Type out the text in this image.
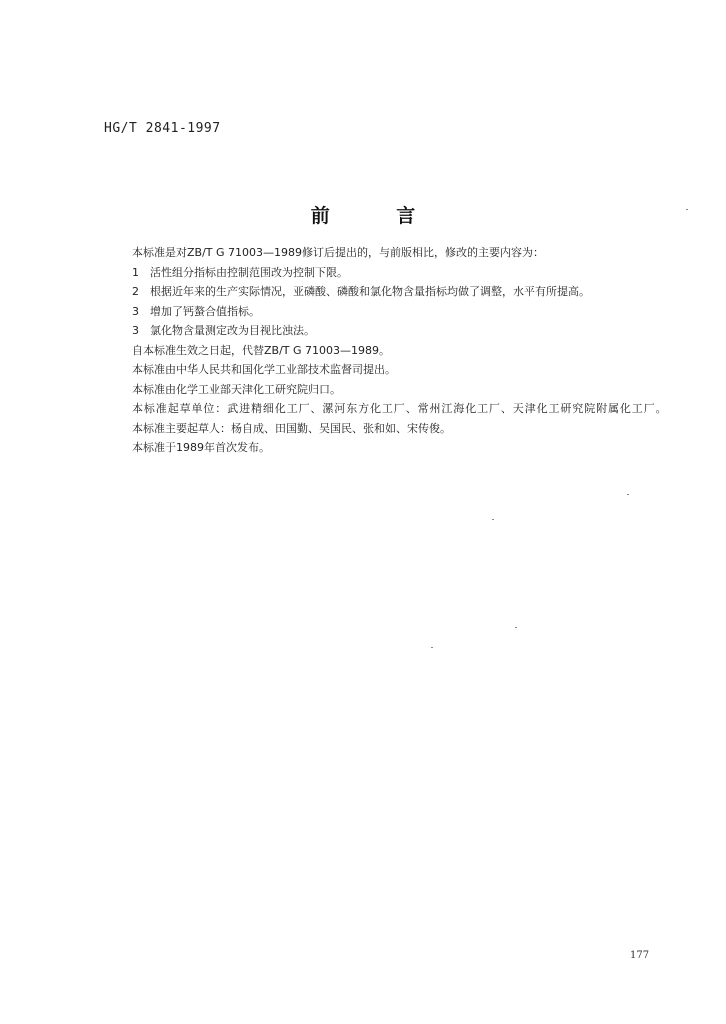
HG/T 2841-1997
前 言

本标准是对ZB/T G 71003—1989修订后提出的，与前版相比，修改的主要内容为：

1　活性组分指标由控制范围改为控制下限。

2　根据近年来的生产实际情况，亚磷酸、磷酸和氯化物含量指标均做了调整，水平有所提高。

3　增加了钙螯合值指标。

3　氯化物含量测定改为目视比浊法。

自本标准生效之日起，代替ZB/T G 71003—1989。

本标准由中华人民共和国化学工业部技术监督司提出。

本标准由化学工业部天津化工研究院归口。

本标准起草单位：武进精细化工厂、漯河东方化工厂、常州江海化工厂、天津化工研究院附属化工厂。

本标准主要起草人：杨自成、田国勤、吴国民、张和如、宋传俊。

本标准于1989年首次发布。

177
